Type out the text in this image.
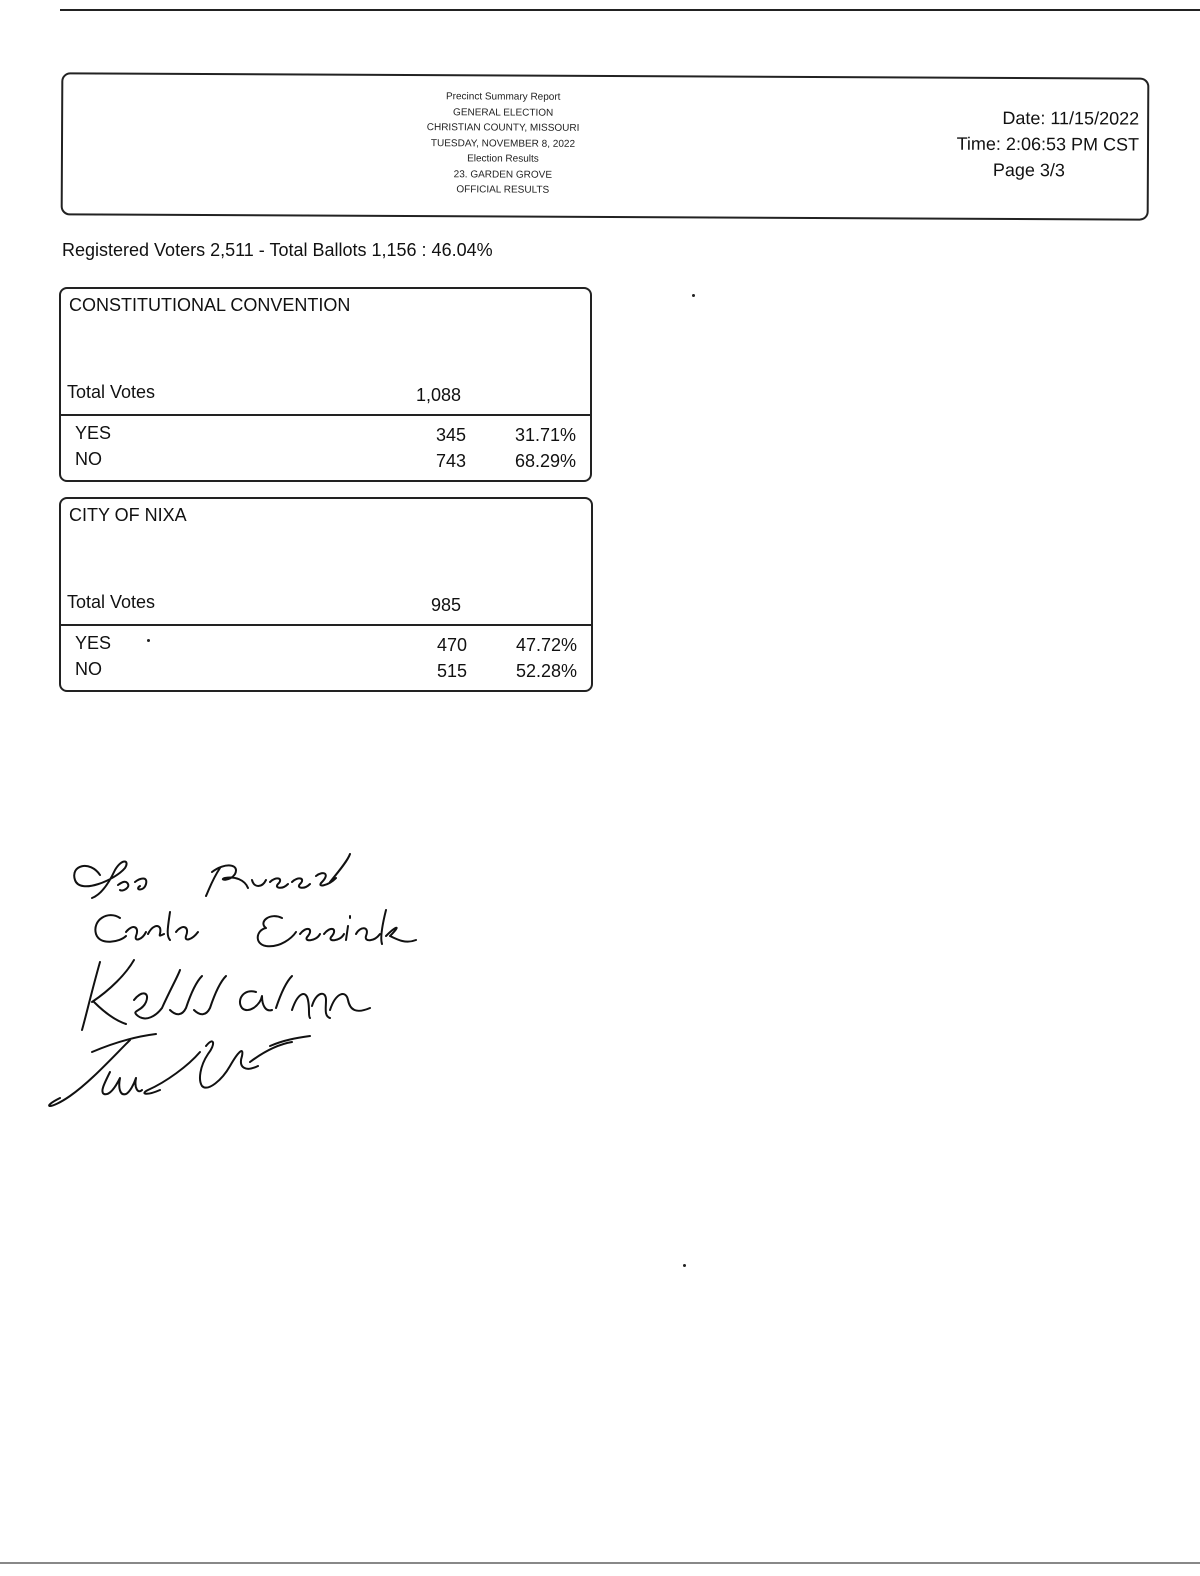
Precinct Summary Report
GENERAL ELECTION
CHRISTIAN COUNTY, MISSOURI
TUESDAY, NOVEMBER 8, 2022
Election Results
23. GARDEN GROVE
OFFICIAL RESULTS
Date: 11/15/2022
Time: 2:06:53 PM CST
Page 3/3
Registered Voters 2,511 - Total Ballots 1,156 : 46.04%
CONSTITUTIONAL CONVENTION
Total Votes	1,088
YES	345	31.71%
NO	743	68.29%
CITY OF NIXA
Total Votes	985
YES	470	47.72%
NO	515	52.28%
